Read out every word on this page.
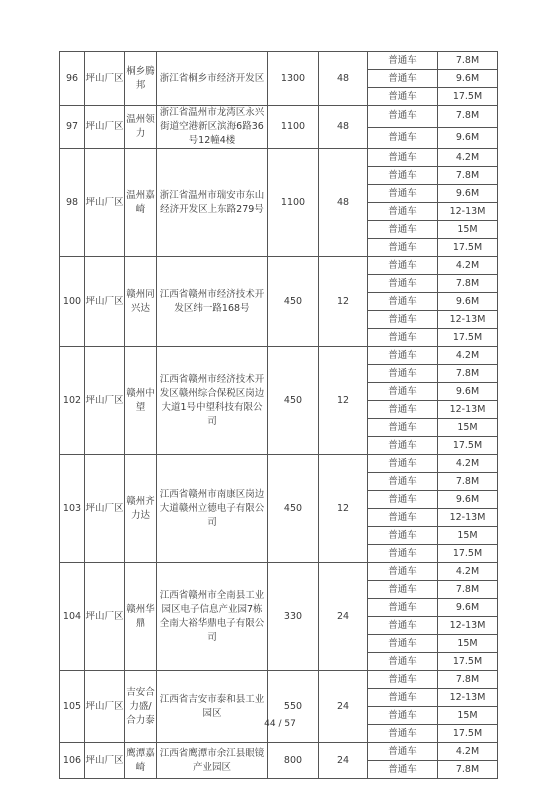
96	坪山厂区	桐乡腾邦	浙江省桐乡市经济开发区	1300	48	普通车	7.8M
						普通车	9.6M
						普通车	17.5M
97	坪山厂区	温州领力	浙江省温州市龙湾区永兴街道空港新区滨海6路36号12幢4楼	1100	48	普通车	7.8M
						普通车	9.6M
98	坪山厂区	温州嘉崎	浙江省温州市瑞安市东山经济开发区上东路279号	1100	48	普通车	4.2M
						普通车	7.8M
						普通车	9.6M
						普通车	12-13M
						普通车	15M
						普通车	17.5M
100	坪山厂区	赣州同兴达	江西省赣州市经济技术开发区纬一路168号	450	12	普通车	4.2M
						普通车	7.8M
						普通车	9.6M
						普通车	12-13M
						普通车	17.5M
102	坪山厂区	赣州中望	江西省赣州市经济技术开发区赣州综合保税区岗边大道1号中望科技有限公司	450	12	普通车	4.2M
						普通车	7.8M
						普通车	9.6M
						普通车	12-13M
						普通车	15M
						普通车	17.5M
103	坪山厂区	赣州齐力达	江西省赣州市南康区岗边大道赣州立德电子有限公司	450	12	普通车	4.2M
						普通车	7.8M
						普通车	9.6M
						普通车	12-13M
						普通车	15M
						普通车	17.5M
104	坪山厂区	赣州华鼎	江西省赣州市全南县工业园区电子信息产业园7栋全南大裕华鼎电子有限公司	330	24	普通车	4.2M
						普通车	7.8M
						普通车	9.6M
						普通车	12-13M
						普通车	15M
						普通车	17.5M
105	坪山厂区	吉安合力盛/合力泰	江西省吉安市泰和县工业园区	550	24	普通车	7.8M
						普通车	12-13M
						普通车	15M
						普通车	17.5M
106	坪山厂区	鹰潭嘉崎	江西省鹰潭市余江县眼镜产业园区	800	24	普通车	4.2M
						普通车	7.8M
44 / 57
